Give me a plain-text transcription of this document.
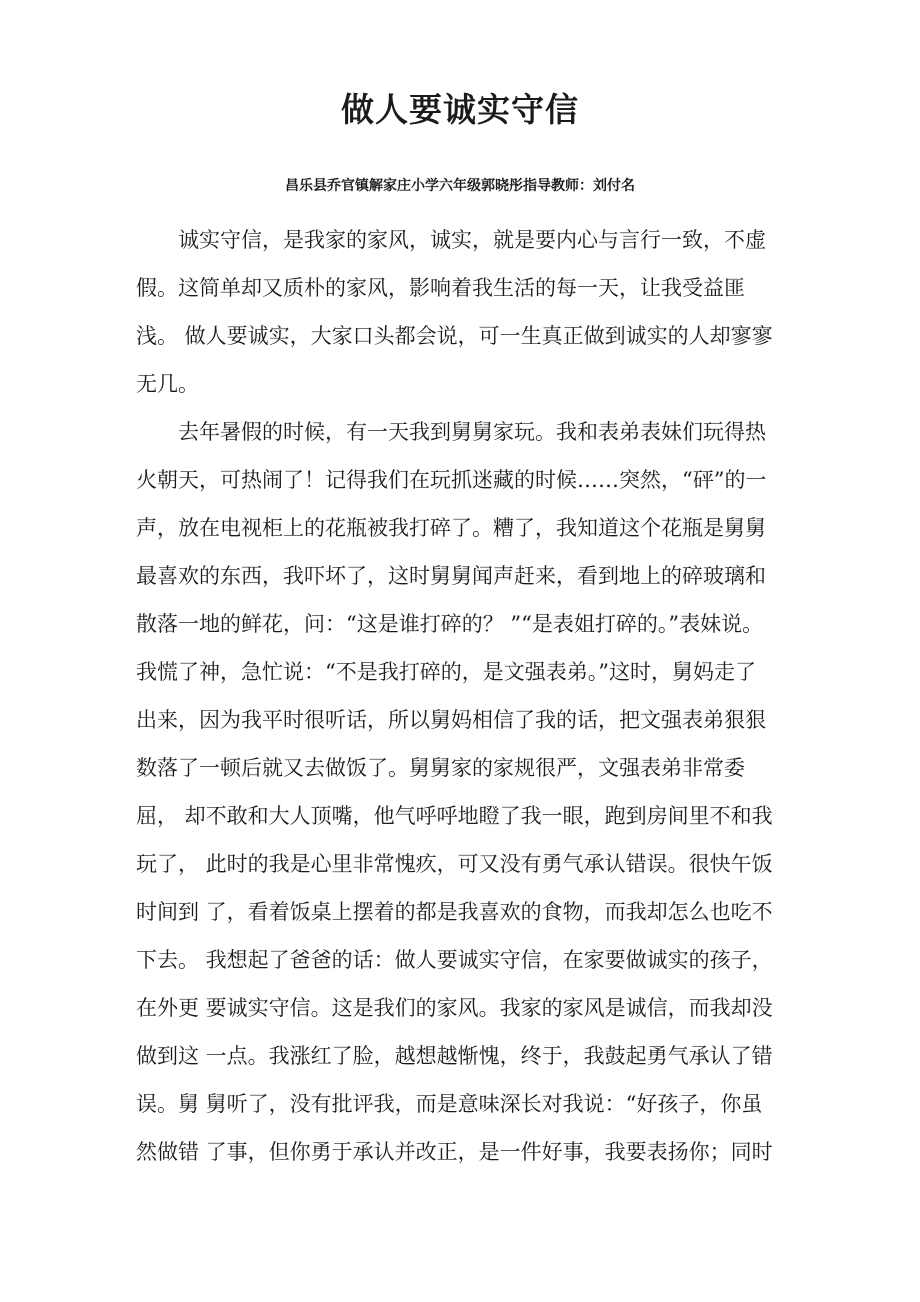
做人要诚实守信
昌乐县乔官镇解家庄小学六年级郭晓彤指导教师：刘付名
　　诚实守信，是我家的家风，诚实，就是要内心与言行一致，不虚
假。这简单却又质朴的家风，影响着我生活的每一天，让我受益匪
浅。 做人要诚实，大家口头都会说，可一生真正做到诚实的人却寥寥
无几。
　　去年暑假的时候，有一天我到舅舅家玩。我和表弟表妹们玩得热
火朝天，可热闹了！记得我们在玩抓迷藏的时候……突然，“砰”的一
声，放在电视柜上的花瓶被我打碎了。糟了，我知道这个花瓶是舅舅
最喜欢的东西，我吓坏了，这时舅舅闻声赶来，看到地上的碎玻璃和
散落一地的鲜花，问：“这是谁打碎的？ ”“是表姐打碎的。”表妹说。
我慌了神，急忙说：“不是我打碎的，是文强表弟。”这时，舅妈走了
出来，因为我平时很听话，所以舅妈相信了我的话，把文强表弟狠狠
数落了一顿后就又去做饭了。舅舅家的家规很严，文强表弟非常委
屈， 却不敢和大人顶嘴，他气呼呼地瞪了我一眼，跑到房间里不和我
玩了， 此时的我是心里非常愧疚，可又没有勇气承认错误。很快午饭
时间到 了，看着饭桌上摆着的都是我喜欢的食物，而我却怎么也吃不
下去。 我想起了爸爸的话：做人要诚实守信，在家要做诚实的孩子，
在外更 要诚实守信。这是我们的家风。我家的家风是诚信，而我却没
做到这 一点。我涨红了脸，越想越惭愧，终于，我鼓起勇气承认了错
误。舅 舅听了，没有批评我，而是意味深长对我说：“好孩子，你虽
然做错 了事，但你勇于承认并改正，是一件好事，我要表扬你；同时
